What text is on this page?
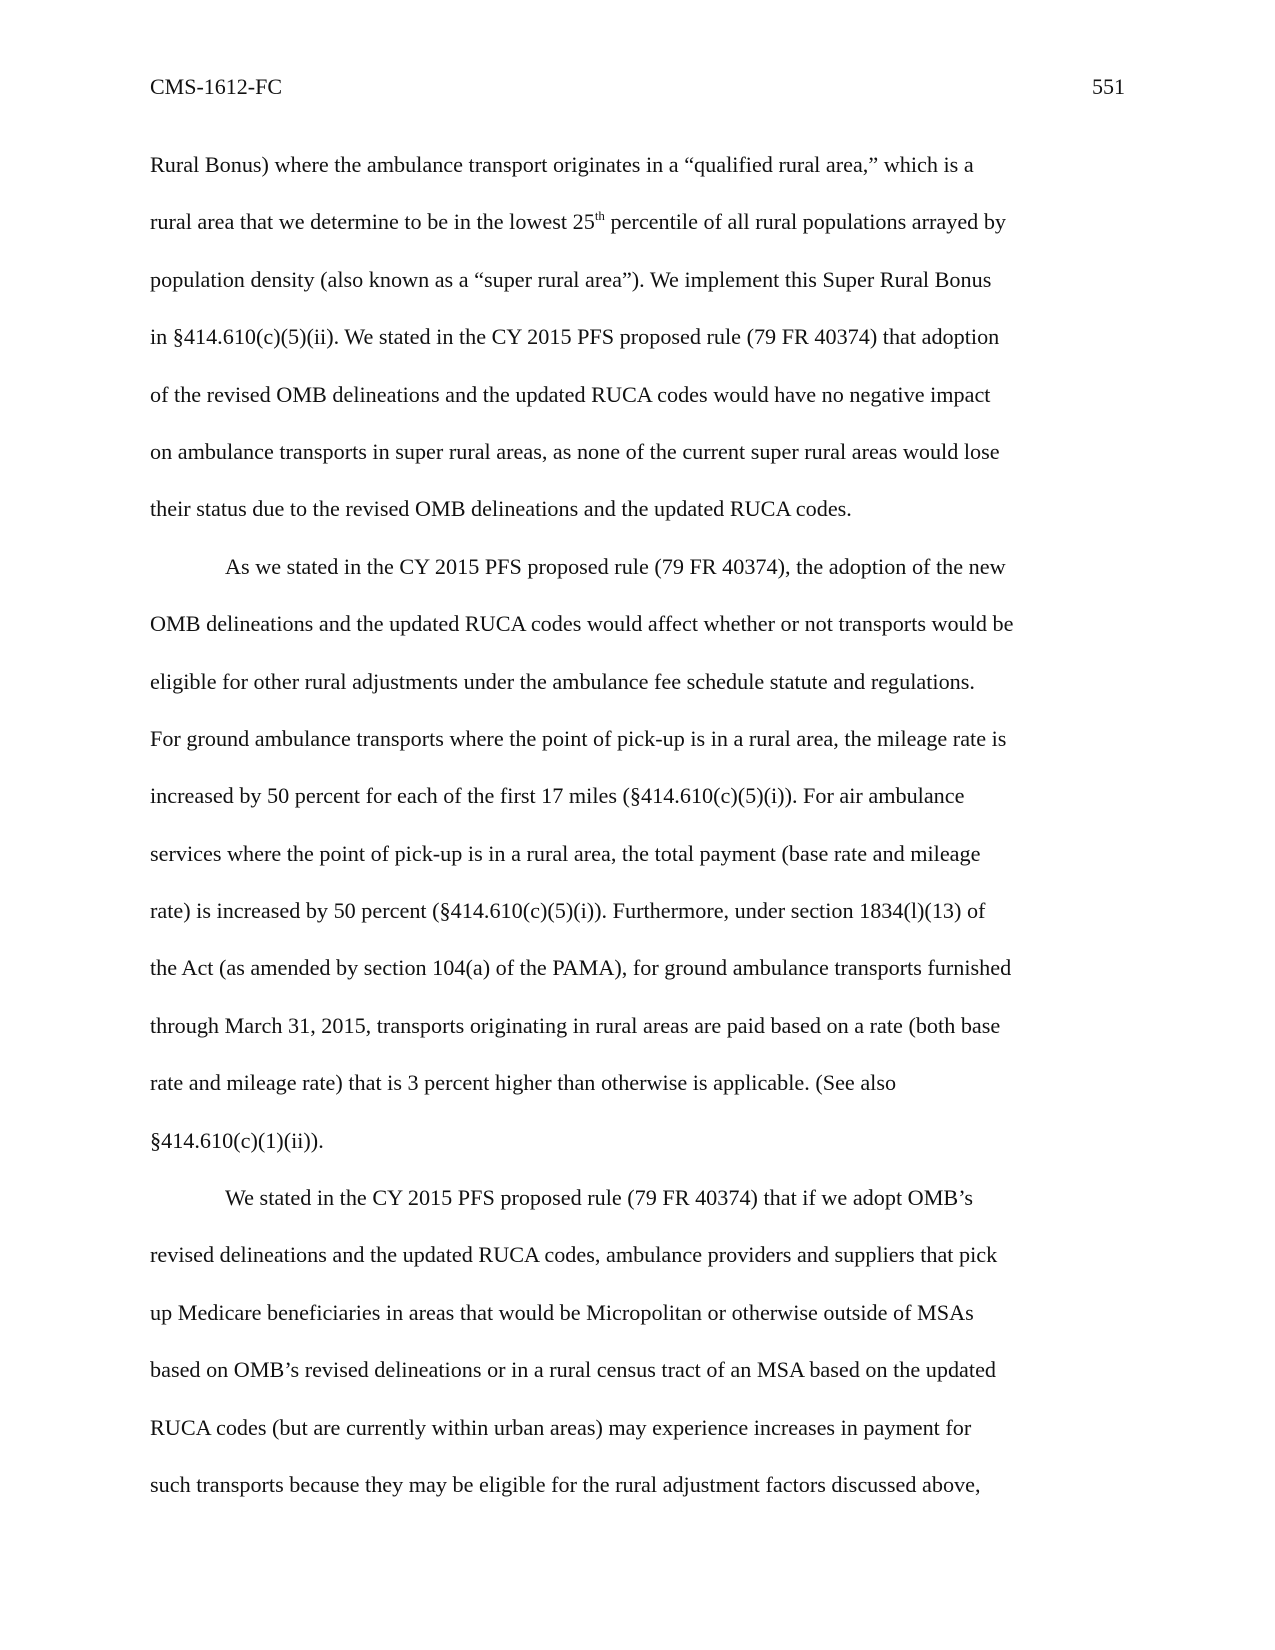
CMS-1612-FC	551
Rural Bonus) where the ambulance transport originates in a “qualified rural area,” which is a
rural area that we determine to be in the lowest 25th percentile of all rural populations arrayed by
population density (also known as a “super rural area”). We implement this Super Rural Bonus
in §414.610(c)(5)(ii). We stated in the CY 2015 PFS proposed rule (79 FR 40374) that adoption
of the revised OMB delineations and the updated RUCA codes would have no negative impact
on ambulance transports in super rural areas, as none of the current super rural areas would lose
their status due to the revised OMB delineations and the updated RUCA codes.
As we stated in the CY 2015 PFS proposed rule (79 FR 40374), the adoption of the new
OMB delineations and the updated RUCA codes would affect whether or not transports would be
eligible for other rural adjustments under the ambulance fee schedule statute and regulations.
For ground ambulance transports where the point of pick-up is in a rural area, the mileage rate is
increased by 50 percent for each of the first 17 miles (§414.610(c)(5)(i)). For air ambulance
services where the point of pick-up is in a rural area, the total payment (base rate and mileage
rate) is increased by 50 percent (§414.610(c)(5)(i)). Furthermore, under section 1834(l)(13) of
the Act (as amended by section 104(a) of the PAMA), for ground ambulance transports furnished
through March 31, 2015, transports originating in rural areas are paid based on a rate (both base
rate and mileage rate) that is 3 percent higher than otherwise is applicable. (See also
§414.610(c)(1)(ii)).
We stated in the CY 2015 PFS proposed rule (79 FR 40374) that if we adopt OMB’s
revised delineations and the updated RUCA codes, ambulance providers and suppliers that pick
up Medicare beneficiaries in areas that would be Micropolitan or otherwise outside of MSAs
based on OMB’s revised delineations or in a rural census tract of an MSA based on the updated
RUCA codes (but are currently within urban areas) may experience increases in payment for
such transports because they may be eligible for the rural adjustment factors discussed above,
